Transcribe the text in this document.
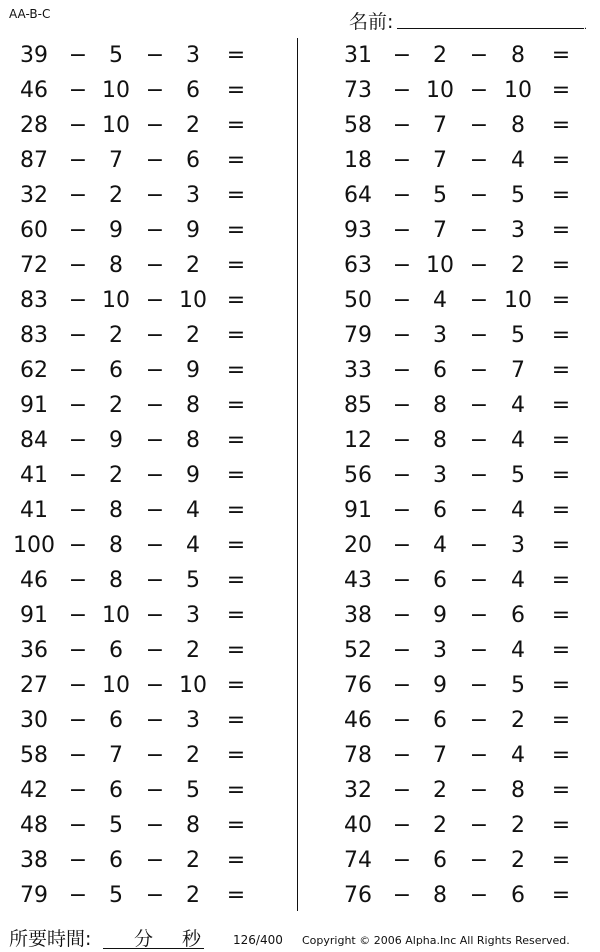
AA-B-C	名前:	.
39 − 5	− 3	=
46 − 10 − 6	=
28 − 10 − 2	=
87 − 7	− 6	=
32 − 2	− 3	=
60 − 9	− 9	=
72 − 8	− 2	=
83 − 10 − 10 =
83 − 2	− 2	=
62 − 6	− 9	=
91 − 2	− 8	=
84 − 9	− 8	=
41 − 2	− 9	=
41 − 8	− 4	=
100 − 8	− 4	=
46 − 8	− 5	=
91 − 10 − 3	=
36 − 6	− 2	=
27 − 10 − 10 =
30 − 6	− 3	=
58 − 7	− 2	=
42 − 6	− 5	=
48 − 5	− 8	=
38 − 6	− 2	=
79 − 5	− 2	=
31 − 2	−	8	=
73 − 10 − 10 =
58 − 7	−	8	=
18 − 7	−	4	=
64 − 5	−	5	=
93 − 7	−	3	=
63 − 10 −	2	=
50 − 4	− 10 =
79 − 3	−	5	=
33 − 6	−	7	=
85 − 8	−	4	=
12 − 8	−	4	=
56 − 3	−	5	=
91 − 6	−	4	=
20 − 4	−	3	=
43 − 6	−	4	=
38 − 9	−	6	=
52 − 3	−	4	=
76 − 9	−	5	=
46 − 6	−	2	=
78 − 7	−	4	=
32 − 2	−	8	=
40 − 2	−	2	=
74 − 6	−	2	=
76 − 8	−	6	=
所要時間: 分 秒	126/400 Copyright © 2006 Alpha.Inc All Rights Reserved.
